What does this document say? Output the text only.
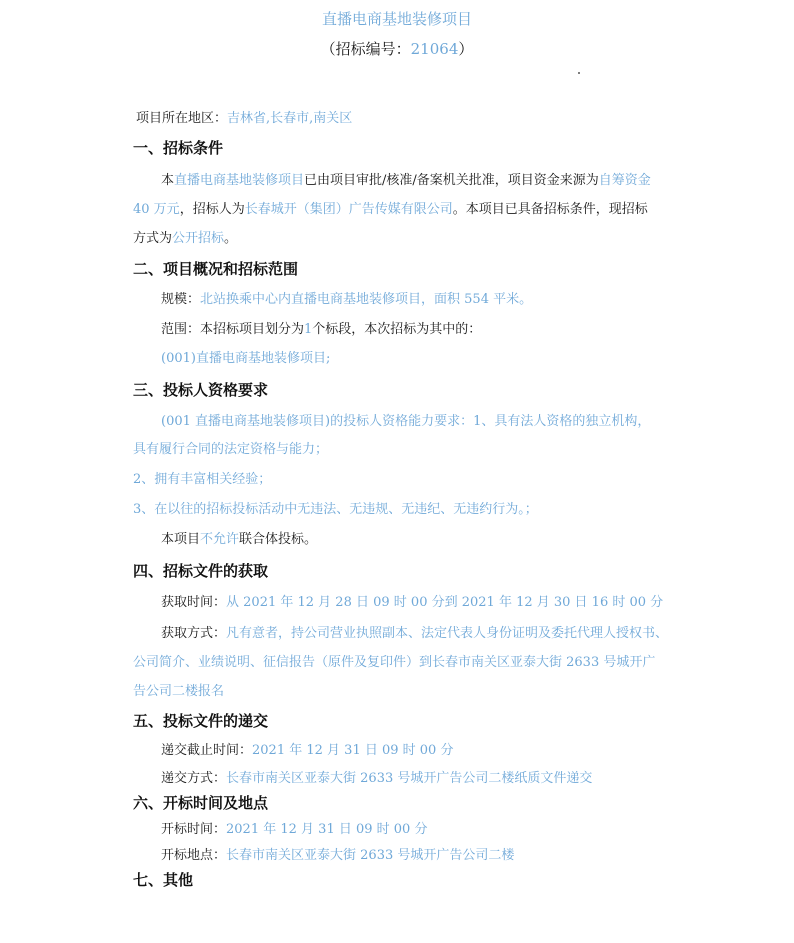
直播电商基地装修项目
（招标编号：21064）
项目所在地区：吉林省,长春市,南关区
一、招标条件
本直播电商基地装修项目已由项目审批/核准/备案机关批准，项目资金来源为自筹资金
40 万元，招标人为长春城开（集团）广告传媒有限公司。本项目已具备招标条件，现招标
方式为公开招标。
二、项目概况和招标范围
规模：北站换乘中心内直播电商基地装修项目，面积 554 平米。
范围：本招标项目划分为1个标段，本次招标为其中的：
(001)直播电商基地装修项目;
三、投标人资格要求
(001 直播电商基地装修项目)的投标人资格能力要求：1、具有法人资格的独立机构，
具有履行合同的法定资格与能力；
2、拥有丰富相关经验；
3、在以往的招标投标活动中无违法、无违规、无违纪、无违约行为。；
本项目不允许联合体投标。
四、招标文件的获取
获取时间：从 2021 年 12 月 28 日 09 时 00 分到 2021 年 12 月 30 日 16 时 00 分
获取方式：凡有意者，持公司营业执照副本、法定代表人身份证明及委托代理人授权书、
公司简介、业绩说明、征信报告（原件及复印件）到长春市南关区亚泰大街 2633 号城开广
告公司二楼报名
五、投标文件的递交
递交截止时间：2021 年 12 月 31 日 09 时 00 分
递交方式：长春市南关区亚泰大街 2633 号城开广告公司二楼纸质文件递交
六、开标时间及地点
开标时间：2021 年 12 月 31 日 09 时 00 分
开标地点：长春市南关区亚泰大街 2633 号城开广告公司二楼
七、其他
